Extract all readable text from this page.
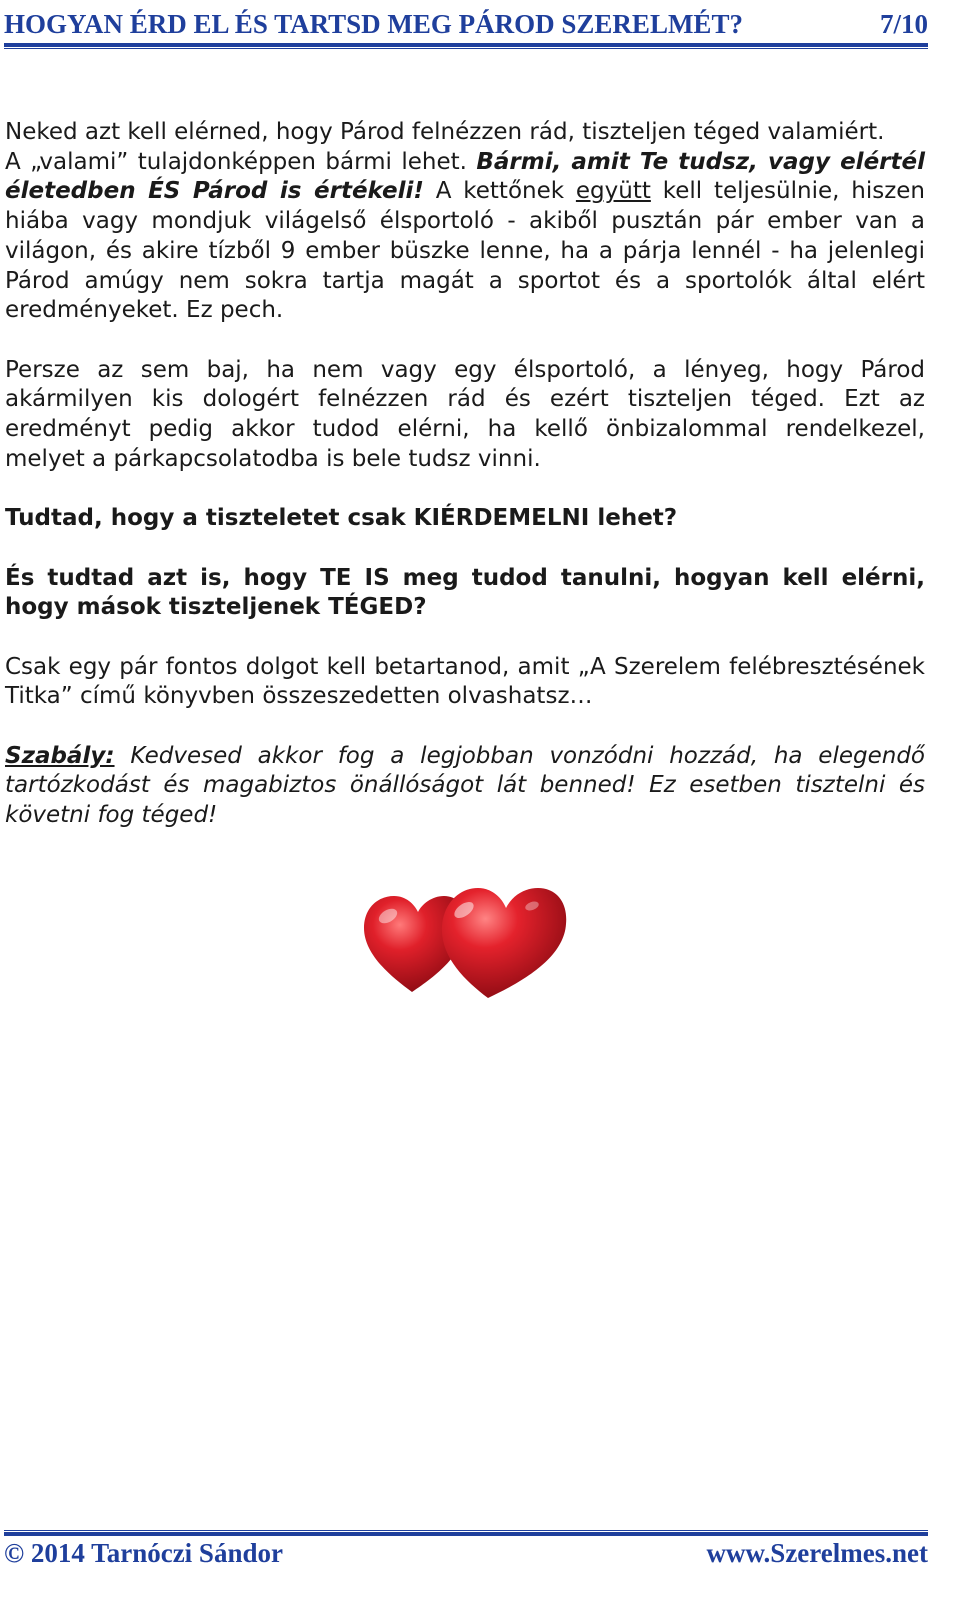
HOGYAN ÉRD EL ÉS TARTSD MEG PÁROD SZERELMÉT?	7/10

Neked azt kell elérned, hogy Párod felnézzen rád, tiszteljen téged valamiért.

A „valami” tulajdonképpen bármi lehet. Bármi, amit Te tudsz, vagy elértél életedben ÉS Párod is értékeli! A kettőnek együtt kell teljesülnie, hiszen hiába vagy mondjuk világelső élsportoló - akiből pusztán pár ember van a világon, és akire tízből 9 ember büszke lenne, ha a párja lennél - ha jelenlegi Párod amúgy nem sokra tartja magát a sportot és a sportolók által elért eredményeket. Ez pech.

Persze az sem baj, ha nem vagy egy élsportoló, a lényeg, hogy Párod akármilyen kis dologért felnézzen rád és ezért tiszteljen téged. Ezt az eredményt pedig akkor tudod elérni, ha kellő önbizalommal rendelkezel, melyet a párkapcsolatodba is bele tudsz vinni.

Tudtad, hogy a tiszteletet csak KIÉRDEMELNI lehet?

És tudtad azt is, hogy TE IS meg tudod tanulni, hogyan kell elérni, hogy mások tiszteljenek TÉGED?

Csak egy pár fontos dolgot kell betartanod, amit „A Szerelem felébresztésének Titka” című könyvben összeszedetten olvashatsz…

Szabály: Kedvesed akkor fog a legjobban vonzódni hozzád, ha elegendő tartózkodást és magabiztos önállóságot lát benned! Ez esetben tisztelni és követni fog téged!

© 2014 Tarnóczi Sándor	www.Szerelmes.net
